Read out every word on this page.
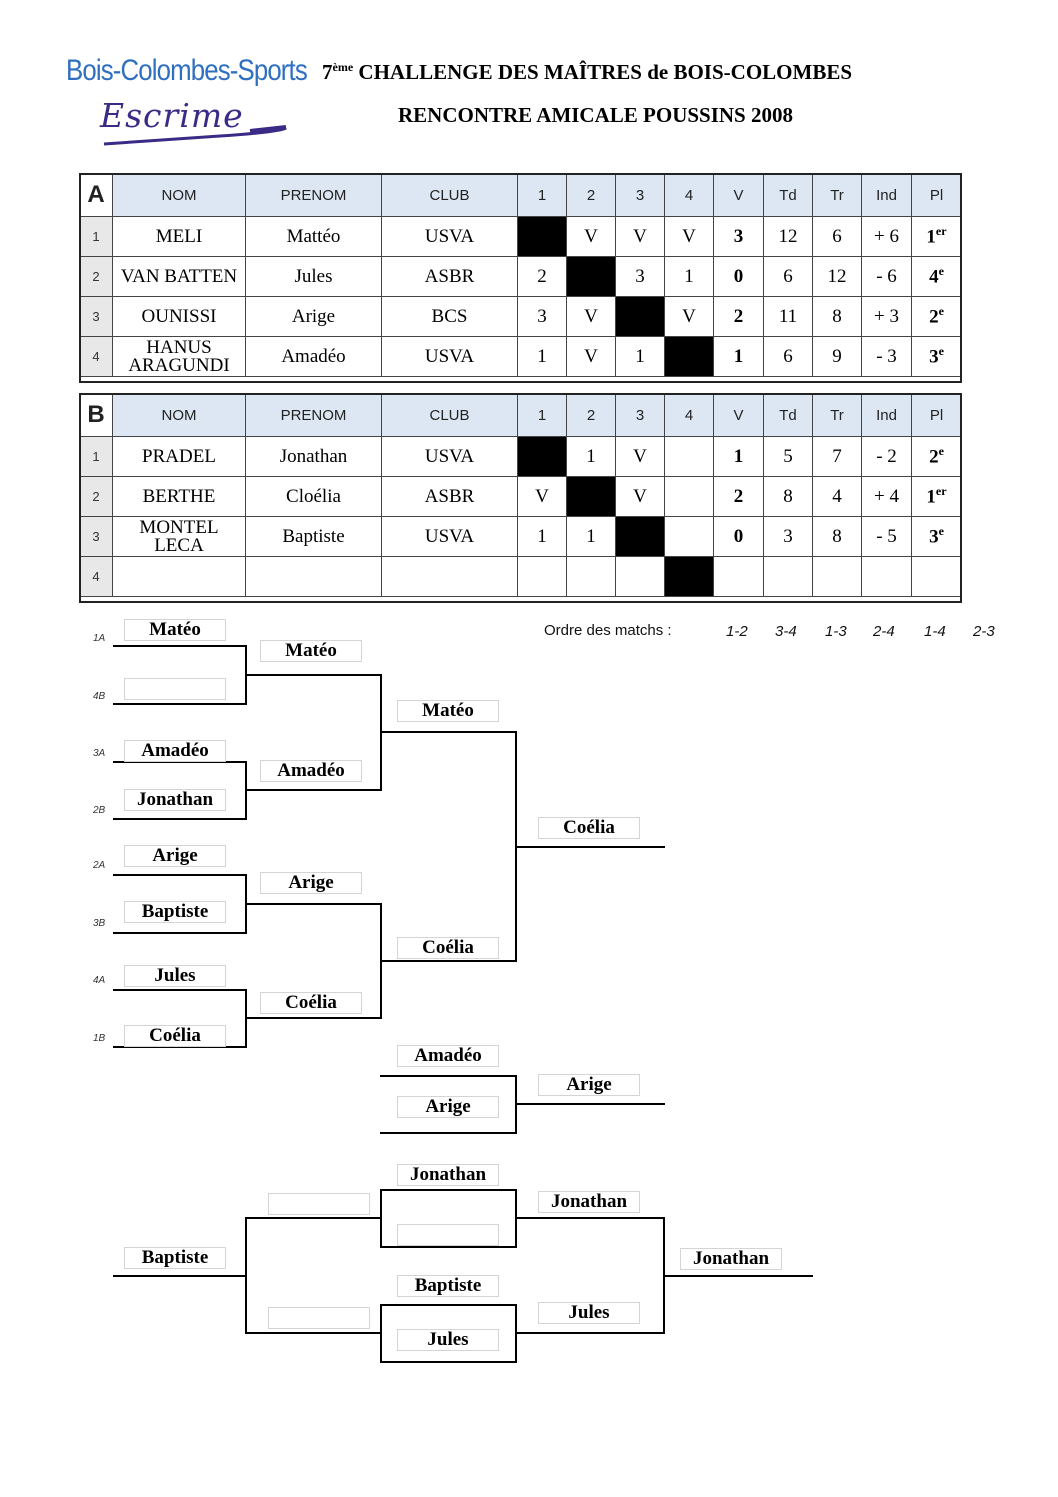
Bois-Colombes-Sports
Escrime
7ème CHALLENGE DES MAÎTRES de BOIS-COLOMBES
RENCONTRE AMICALE POUSSINS 2008
A	NOM	PRENOM	CLUB	1	2	3	4	V	Td	Tr	Ind	Pl
1	MELI	Mattéo	USVA		V	V	V	3	12	6	+ 6	1er
2	VAN BATTEN	Jules	ASBR	2		3	1	0	6	12	- 6	4e
3	OUNISSI	Arige	BCS	3	V		V	2	11	8	+ 3	2e
4	HANUS ARAGUNDI	Amadéo	USVA	1	V	1		1	6	9	- 3	3e
B	NOM	PRENOM	CLUB	1	2	3	4	V	Td	Tr	Ind	Pl
1	PRADEL	Jonathan	USVA		1	V		1	5	7	- 2	2e
2	BERTHE	Cloélia	ASBR	V		V		2	8	4	+ 4	1er
3	MONTEL LECA	Baptiste	USVA	1	1			0	3	8	- 5	3e
4												
Ordre des matchs :	1-2 3-4 1-3 2-4 1-4 2-3
1A
4B
3A
2B
2A
3B
4A
1B
Matéo
Amadéo
Jonathan
Arige
Baptiste
Jules
Coélia
Matéo
Amadéo
Arige
Coélia
Matéo
Coélia
Coélia
Amadéo
Arige
Arige
Baptiste
Jonathan
Baptiste
Jules
Jonathan
Jules
Jonathan
